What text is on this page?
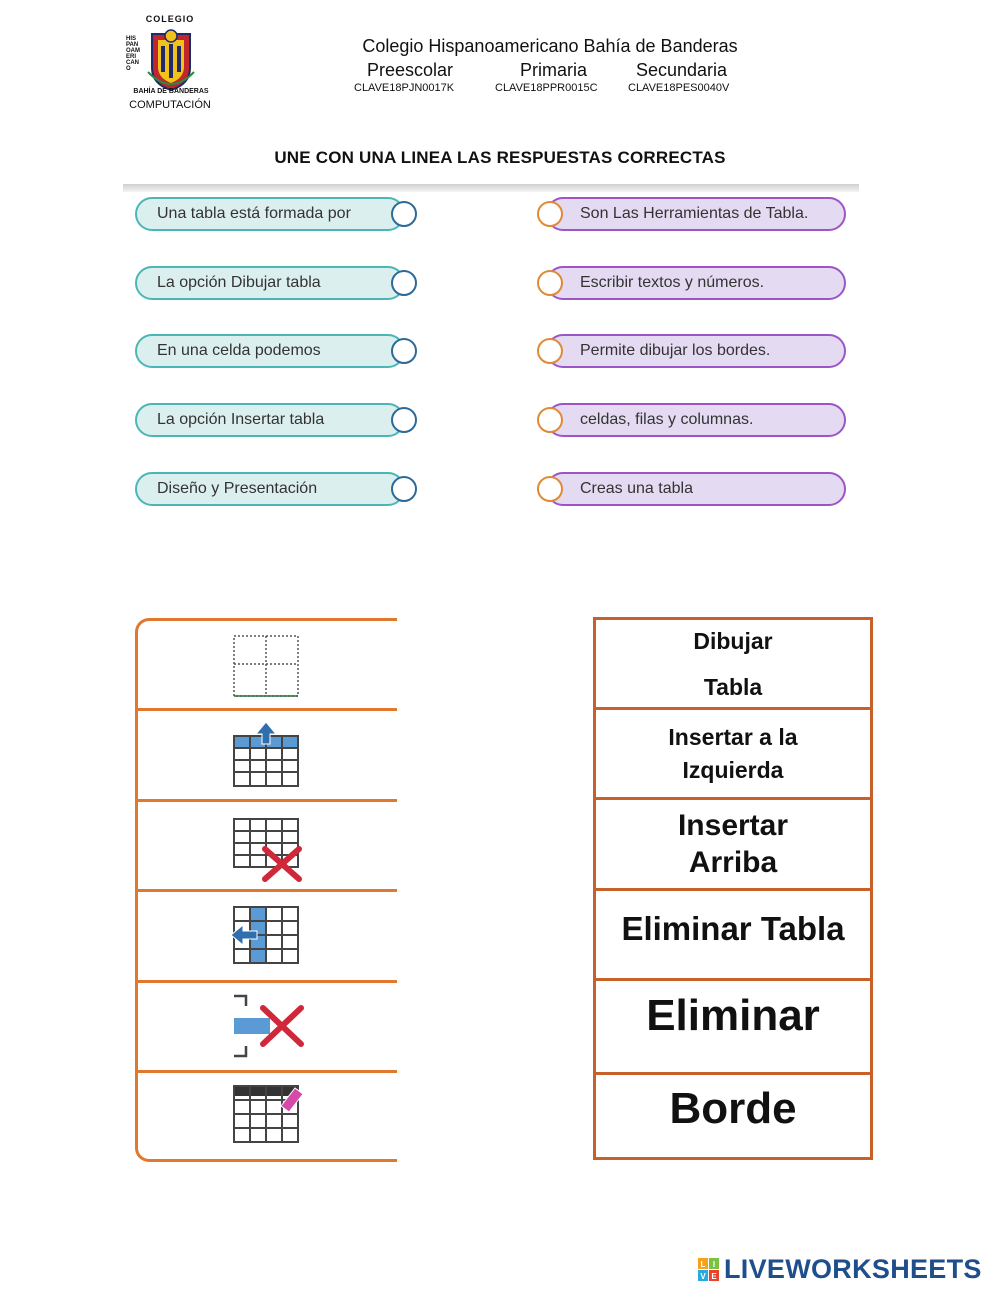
COLEGIO
HISPANOAMERICANO
BAHÍA DE BANDERAS
COMPUTACIÓN
Colegio Hispanoamericano Bahía de Banderas
Preescolar	Primaria	Secundaria
CLAVE18PJN0017K	CLAVE18PPR0015C	CLAVE18PES0040V
UNE CON UNA LINEA LAS RESPUESTAS CORRECTAS
Una tabla está formada por
La opción Dibujar tabla
En una celda podemos
La opción Insertar tabla
Diseño y Presentación
Son Las Herramientas de Tabla.
Escribir textos y números.
Permite dibujar los bordes.
celdas, filas y columnas.
Creas una tabla
Dibujar
Tabla
Insertar a la
Izquierda
Insertar
Arriba
Eliminar Tabla
Eliminar
Borde
L I
V E LIVEWORKSHEETS
